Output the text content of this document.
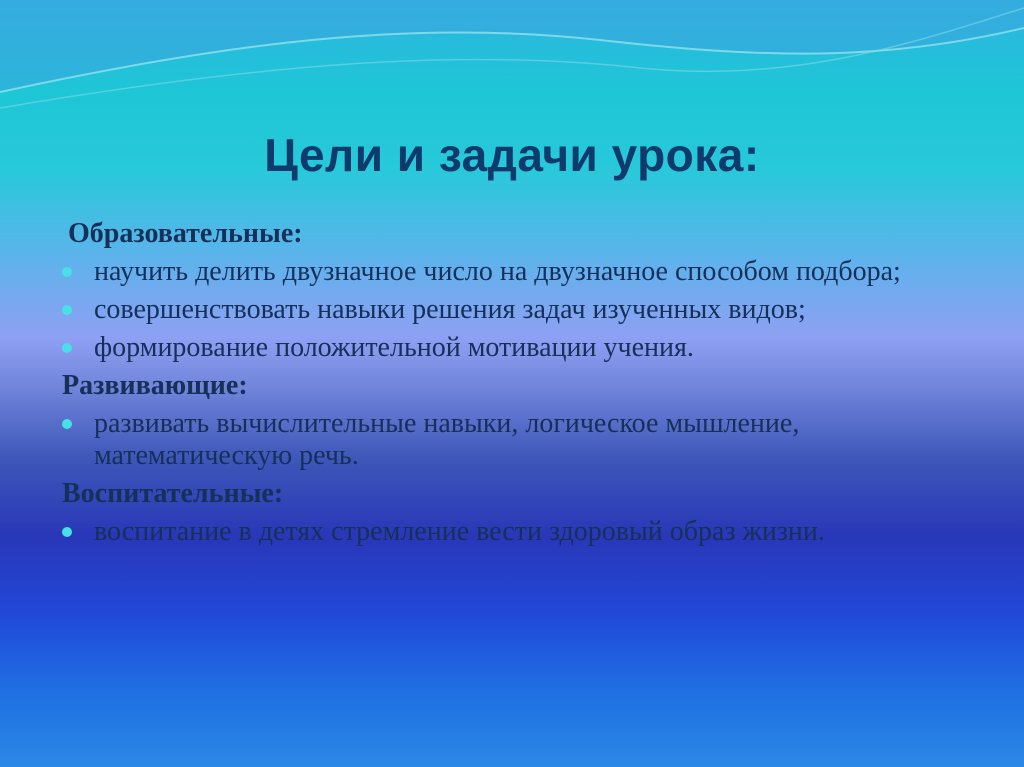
Цели и задачи урока:
Образовательные:
научить делить двузначное число на двузначное способом подбора;
совершенствовать навыки решения задач изученных видов;
формирование положительной мотивации учения.
Развивающие:
развивать вычислительные навыки, логическое мышление, математическую речь.
Воспитательные:
воспитание в детях стремление вести здоровый образ жизни.
